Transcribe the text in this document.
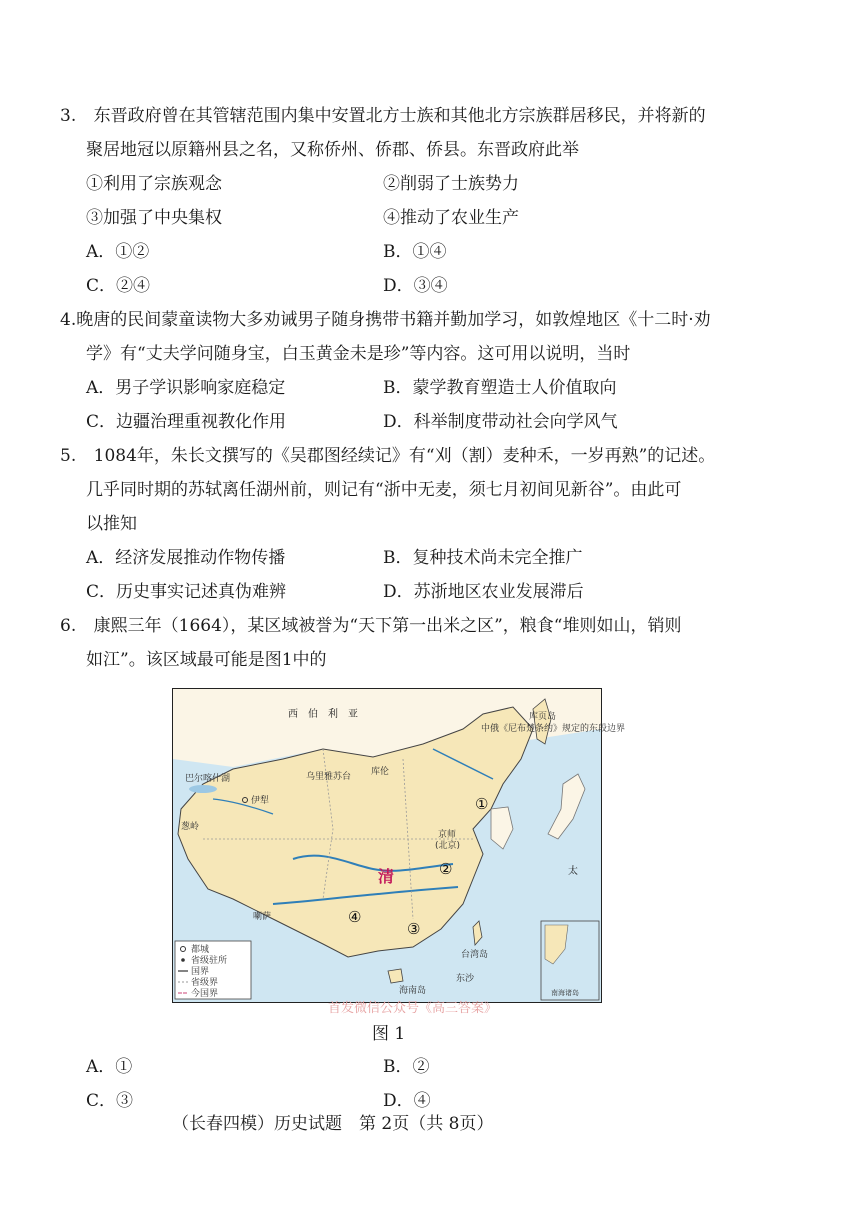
3. 东晋政府曾在其管辖范围内集中安置北方士族和其他北方宗族群居移民，并将新的
聚居地冠以原籍州县之名，又称侨州、侨郡、侨县。东晋政府此举
①利用了宗族观念	②削弱了士族势力
③加强了中央集权	④推动了农业生产
A．①②	B．①④
C．②④	D．③④
4.晚唐的民间蒙童读物大多劝诫男子随身携带书籍并勤加学习，如敦煌地区《十二时·劝
学》有“丈夫学问随身宝，白玉黄金未是珍”等内容。这可用以说明，当时
A．男子学识影响家庭稳定	B．蒙学教育塑造士人价值取向
C．边疆治理重视教化作用	D．科举制度带动社会向学风气
5. 1084年，朱长文撰写的《吴郡图经续记》有“刈（割）麦种禾，一岁再熟”的记述。
几乎同时期的苏轼离任湖州前，则记有“浙中无麦，须七月初间见新谷”。由此可
以推知
A．经济发展推动作物传播	B．复种技术尚未完全推广
C．历史事实记述真伪难辨	D．苏浙地区农业发展滞后
6. 康熙三年（1664），某区域被誉为“天下第一出米之区”，粮食“堆则如山，销则
如江”。该区域最可能是图1中的
西　伯　利　亚
清
乌里雅苏台 库伦
伊犁
京师
(北京)
喇萨
台湾岛
海南岛
东沙
库页岛
巴尔喀什湖
葱岭
中俄《尼布楚条约》规定的东段边界
太
①
②
③
④
都城
省级驻所
国界
省级界
今国界	南海诸岛
首发微信公众号《高三答案》
图 1
A．①	B．②
C．③	D．④
（长春四模）历史试题　第 2页（共 8页）
